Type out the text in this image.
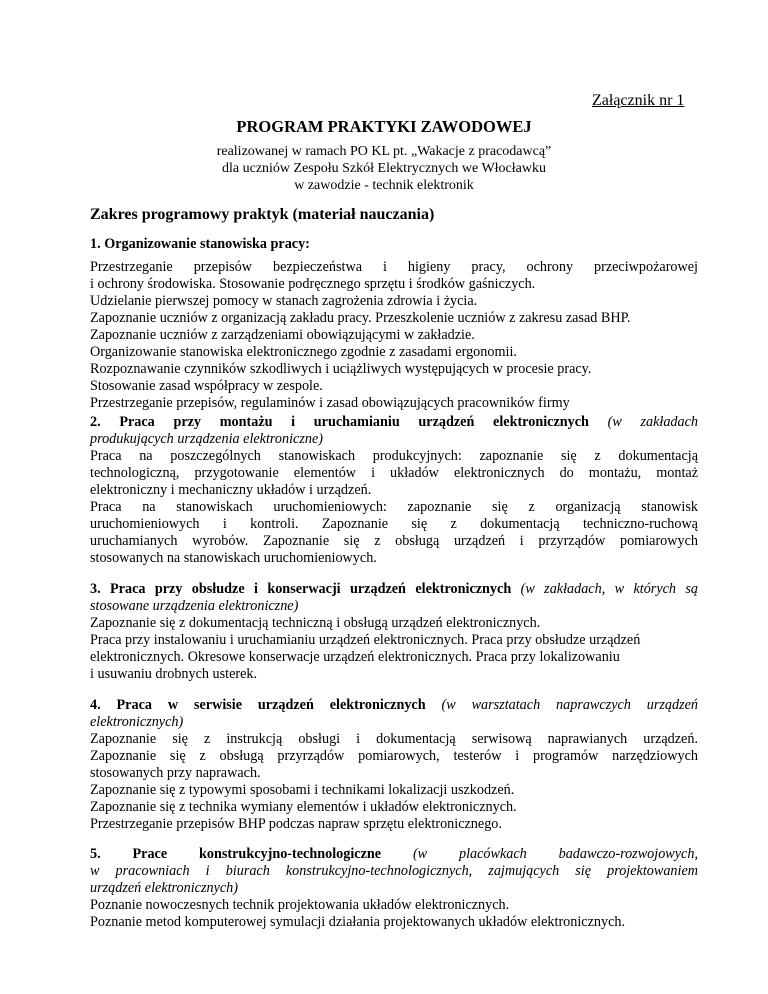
Załącznik nr 1
PROGRAM PRAKTYKI ZAWODOWEJ
realizowanej w ramach PO KL pt. „Wakacje z pracodawcą”
dla uczniów Zespołu Szkół Elektrycznych we Włocławku
w zawodzie - technik elektronik
Zakres programowy praktyk (materiał nauczania)
1. Organizowanie stanowiska pracy:
Przestrzeganie przepisów bezpieczeństwa i higieny pracy, ochrony przeciwpożarowej
i ochrony środowiska. Stosowanie podręcznego sprzętu i środków gaśniczych.
Udzielanie pierwszej pomocy w stanach zagrożenia zdrowia i życia.
Zapoznanie uczniów z organizacją zakładu pracy. Przeszkolenie uczniów z zakresu zasad BHP.
Zapoznanie uczniów z zarządzeniami obowiązującymi w zakładzie.
Organizowanie stanowiska elektronicznego zgodnie z zasadami ergonomii.
Rozpoznawanie czynników szkodliwych i uciążliwych występujących w procesie pracy.
Stosowanie zasad współpracy w zespole.
Przestrzeganie przepisów, regulaminów i zasad obowiązujących pracowników firmy
2. Praca przy montażu i uruchamianiu urządzeń elektronicznych (w zakładach
produkujących urządzenia elektroniczne)
Praca na poszczególnych stanowiskach produkcyjnych: zapoznanie się z dokumentacją
technologiczną, przygotowanie elementów i układów elektronicznych do montażu, montaż
elektroniczny i mechaniczny układów i urządzeń.
Praca na stanowiskach uruchomieniowych: zapoznanie się z organizacją stanowisk
uruchomieniowych i kontroli. Zapoznanie się z dokumentacją techniczno-ruchową
uruchamianych wyrobów. Zapoznanie się z obsługą urządzeń i przyrządów pomiarowych
stosowanych na stanowiskach uruchomieniowych.
3. Praca przy obsłudze i konserwacji urządzeń elektronicznych (w zakładach, w których są
stosowane urządzenia elektroniczne)
Zapoznanie się z dokumentacją techniczną i obsługą urządzeń elektronicznych.
Praca przy instalowaniu i uruchamianiu urządzeń elektronicznych. Praca przy obsłudze urządzeń
elektronicznych. Okresowe konserwacje urządzeń elektronicznych. Praca przy lokalizowaniu
i usuwaniu drobnych usterek.
4. Praca w serwisie urządzeń elektronicznych (w warsztatach naprawczych urządzeń
elektronicznych)
Zapoznanie się z instrukcją obsługi i dokumentacją serwisową naprawianych urządzeń.
Zapoznanie się z obsługą przyrządów pomiarowych, testerów i programów narzędziowych
stosowanych przy naprawach.
Zapoznanie się z typowymi sposobami i technikami lokalizacji uszkodzeń.
Zapoznanie się z technika wymiany elementów i układów elektronicznych.
Przestrzeganie przepisów BHP podczas napraw sprzętu elektronicznego.
5. Prace konstrukcyjno-technologiczne (w placówkach badawczo-rozwojowych,
w pracowniach i biurach konstrukcyjno-technologicznych, zajmujących się projektowaniem
urządzeń elektronicznych)
Poznanie nowoczesnych technik projektowania układów elektronicznych.
Poznanie metod komputerowej symulacji działania projektowanych układów elektronicznych.
